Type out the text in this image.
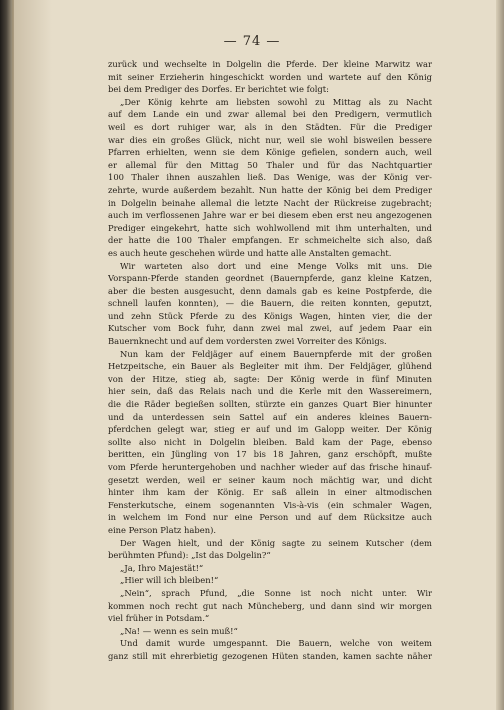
— 74 —
zurück und wechselte in Dolgelin die Pferde. Der kleine Marwitz war
mit seiner Erzieherin hingeschickt worden und wartete auf den König
bei dem Prediger des Dorfes. Er berichtet wie folgt:
„Der König kehrte am liebsten sowohl zu Mittag als zu Nacht
auf dem Lande ein und zwar allemal bei den Predigern, vermutlich
weil es dort ruhiger war, als in den Städten. Für die Prediger
war dies ein großes Glück, nicht nur, weil sie wohl bisweilen bessere
Pfarren erhielten, wenn sie dem Könige gefielen, sondern auch, weil
er allemal für den Mittag 50 Thaler und für das Nachtquartier
100 Thaler ihnen auszahlen ließ. Das Wenige, was der König ver-
zehrte, wurde außerdem bezahlt. Nun hatte der König bei dem Prediger
in Dolgelin beinahe allemal die letzte Nacht der Rückreise zugebracht;
auch im verflossenen Jahre war er bei diesem eben erst neu angezogenen
Prediger eingekehrt, hatte sich wohlwollend mit ihm unterhalten, und
der hatte die 100 Thaler empfangen. Er schmeichelte sich also, daß
es auch heute geschehen würde und hatte alle Anstalten gemacht.
Wir warteten also dort und eine Menge Volks mit uns. Die
Vorspann-Pferde standen geordnet (Bauernpferde, ganz kleine Katzen,
aber die besten ausgesucht, denn damals gab es keine Postpferde, die
schnell laufen konnten), — die Bauern, die reiten konnten, geputzt,
und zehn Stück Pferde zu des Königs Wagen, hinten vier, die der
Kutscher vom Bock fuhr, dann zwei mal zwei, auf jedem Paar ein
Bauernknecht und auf dem vordersten zwei Vorreiter des Königs.
Nun kam der Feldjäger auf einem Bauernpferde mit der großen
Hetzpeitsche, ein Bauer als Begleiter mit ihm. Der Feldjäger, glühend
von der Hitze, stieg ab, sagte: Der König werde in fünf Minuten
hier sein, daß das Relais nach und die Kerle mit den Wassereimern,
die die Räder begießen sollten, stürzte ein ganzes Quart Bier hinunter
und da unterdessen sein Sattel auf ein anderes kleines Bauern-
pferdchen gelegt war, stieg er auf und im Galopp weiter. Der König
sollte also nicht in Dolgelin bleiben. Bald kam der Page, ebenso
beritten, ein Jüngling von 17 bis 18 Jahren, ganz erschöpft, mußte
vom Pferde heruntergehoben und nachher wieder auf das frische hinauf-
gesetzt werden, weil er seiner kaum noch mächtig war, und dicht
hinter ihm kam der König. Er saß allein in einer altmodischen
Fensterkutsche, einem sogenannten Vis-à-vis (ein schmaler Wagen,
in welchem im Fond nur eine Person und auf dem Rücksitze auch
eine Person Platz haben).
Der Wagen hielt, und der König sagte zu seinem Kutscher (dem
berühmten Pfund): „Ist das Dolgelin?“
„Ja, Ihro Majestät!“
„Hier will ich bleiben!“
„Nein“, sprach Pfund, „die Sonne ist noch nicht unter. Wir
kommen noch recht gut nach Müncheberg, und dann sind wir morgen
viel früher in Potsdam.“
„Na! — wenn es sein muß!“
Und damit wurde umgespannt. Die Bauern, welche von weitem
ganz still mit ehrerbietig gezogenen Hüten standen, kamen sachte näher
